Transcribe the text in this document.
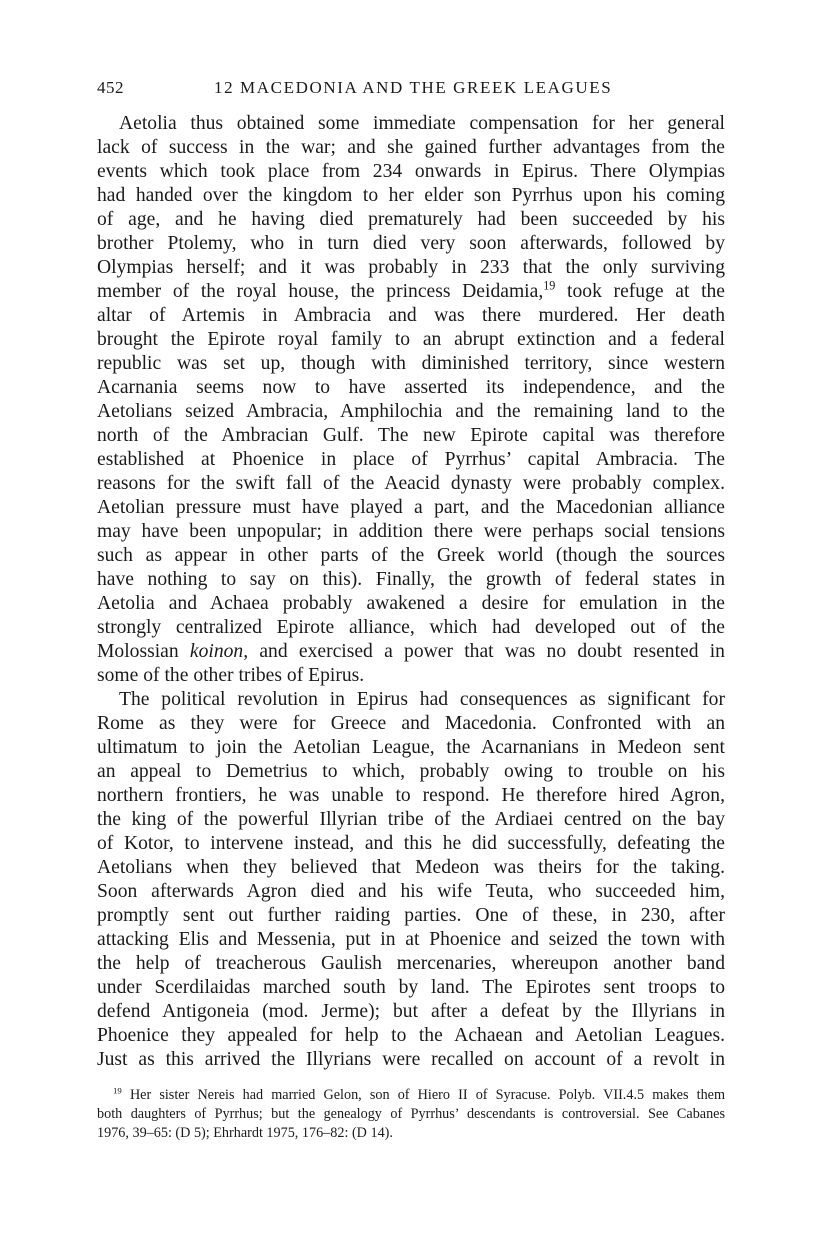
452	12 MACEDONIA AND THE GREEK LEAGUES
Aetolia thus obtained some immediate compensation for her general
lack of success in the war; and she gained further advantages from the
events which took place from 234 onwards in Epirus. There Olympias
had handed over the kingdom to her elder son Pyrrhus upon his coming
of age, and he having died prematurely had been succeeded by his
brother Ptolemy, who in turn died very soon afterwards, followed by
Olympias herself; and it was probably in 233 that the only surviving
member of the royal house, the princess Deidamia,$^{19}$ took refuge at the
altar of Artemis in Ambracia and was there murdered. Her death
brought the Epirote royal family to an abrupt extinction and a federal
republic was set up, though with diminished territory, since western
Acarnania seems now to have asserted its independence, and the
Aetolians seized Ambracia, Amphilochia and the remaining land to the
north of the Ambracian Gulf. The new Epirote capital was therefore
established at Phoenice in place of Pyrrhus’ capital Ambracia. The
reasons for the swift fall of the Aeacid dynasty were probably complex.
Aetolian pressure must have played a part, and the Macedonian alliance
may have been unpopular; in addition there were perhaps social tensions
such as appear in other parts of the Greek world (though the sources
have nothing to say on this). Finally, the growth of federal states in
Aetolia and Achaea probably awakened a desire for emulation in the
strongly centralized Epirote alliance, which had developed out of the
Molossian koinon, and exercised a power that was no doubt resented in
some of the other tribes of Epirus.
The political revolution in Epirus had consequences as significant for
Rome as they were for Greece and Macedonia. Confronted with an
ultimatum to join the Aetolian League, the Acarnanians in Medeon sent
an appeal to Demetrius to which, probably owing to trouble on his
northern frontiers, he was unable to respond. He therefore hired Agron,
the king of the powerful Illyrian tribe of the Ardiaei centred on the bay
of Kotor, to intervene instead, and this he did successfully, defeating the
Aetolians when they believed that Medeon was theirs for the taking.
Soon afterwards Agron died and his wife Teuta, who succeeded him,
promptly sent out further raiding parties. One of these, in 230, after
attacking Elis and Messenia, put in at Phoenice and seized the town with
the help of treacherous Gaulish mercenaries, whereupon another band
under Scerdilaidas marched south by land. The Epirotes sent troops to
defend Antigoneia (mod. Jerme); but after a defeat by the Illyrians in
Phoenice they appealed for help to the Achaean and Aetolian Leagues.
Just as this arrived the Illyrians were recalled on account of a revolt in
$^{19}$ Her sister Nereis had married Gelon, son of Hiero II of Syracuse. Polyb. VII.4.5 makes them
both daughters of Pyrrhus; but the genealogy of Pyrrhus’ descendants is controversial. See Cabanes
1976, 39–65: (D 5); Ehrhardt 1975, 176–82: (D 14).
